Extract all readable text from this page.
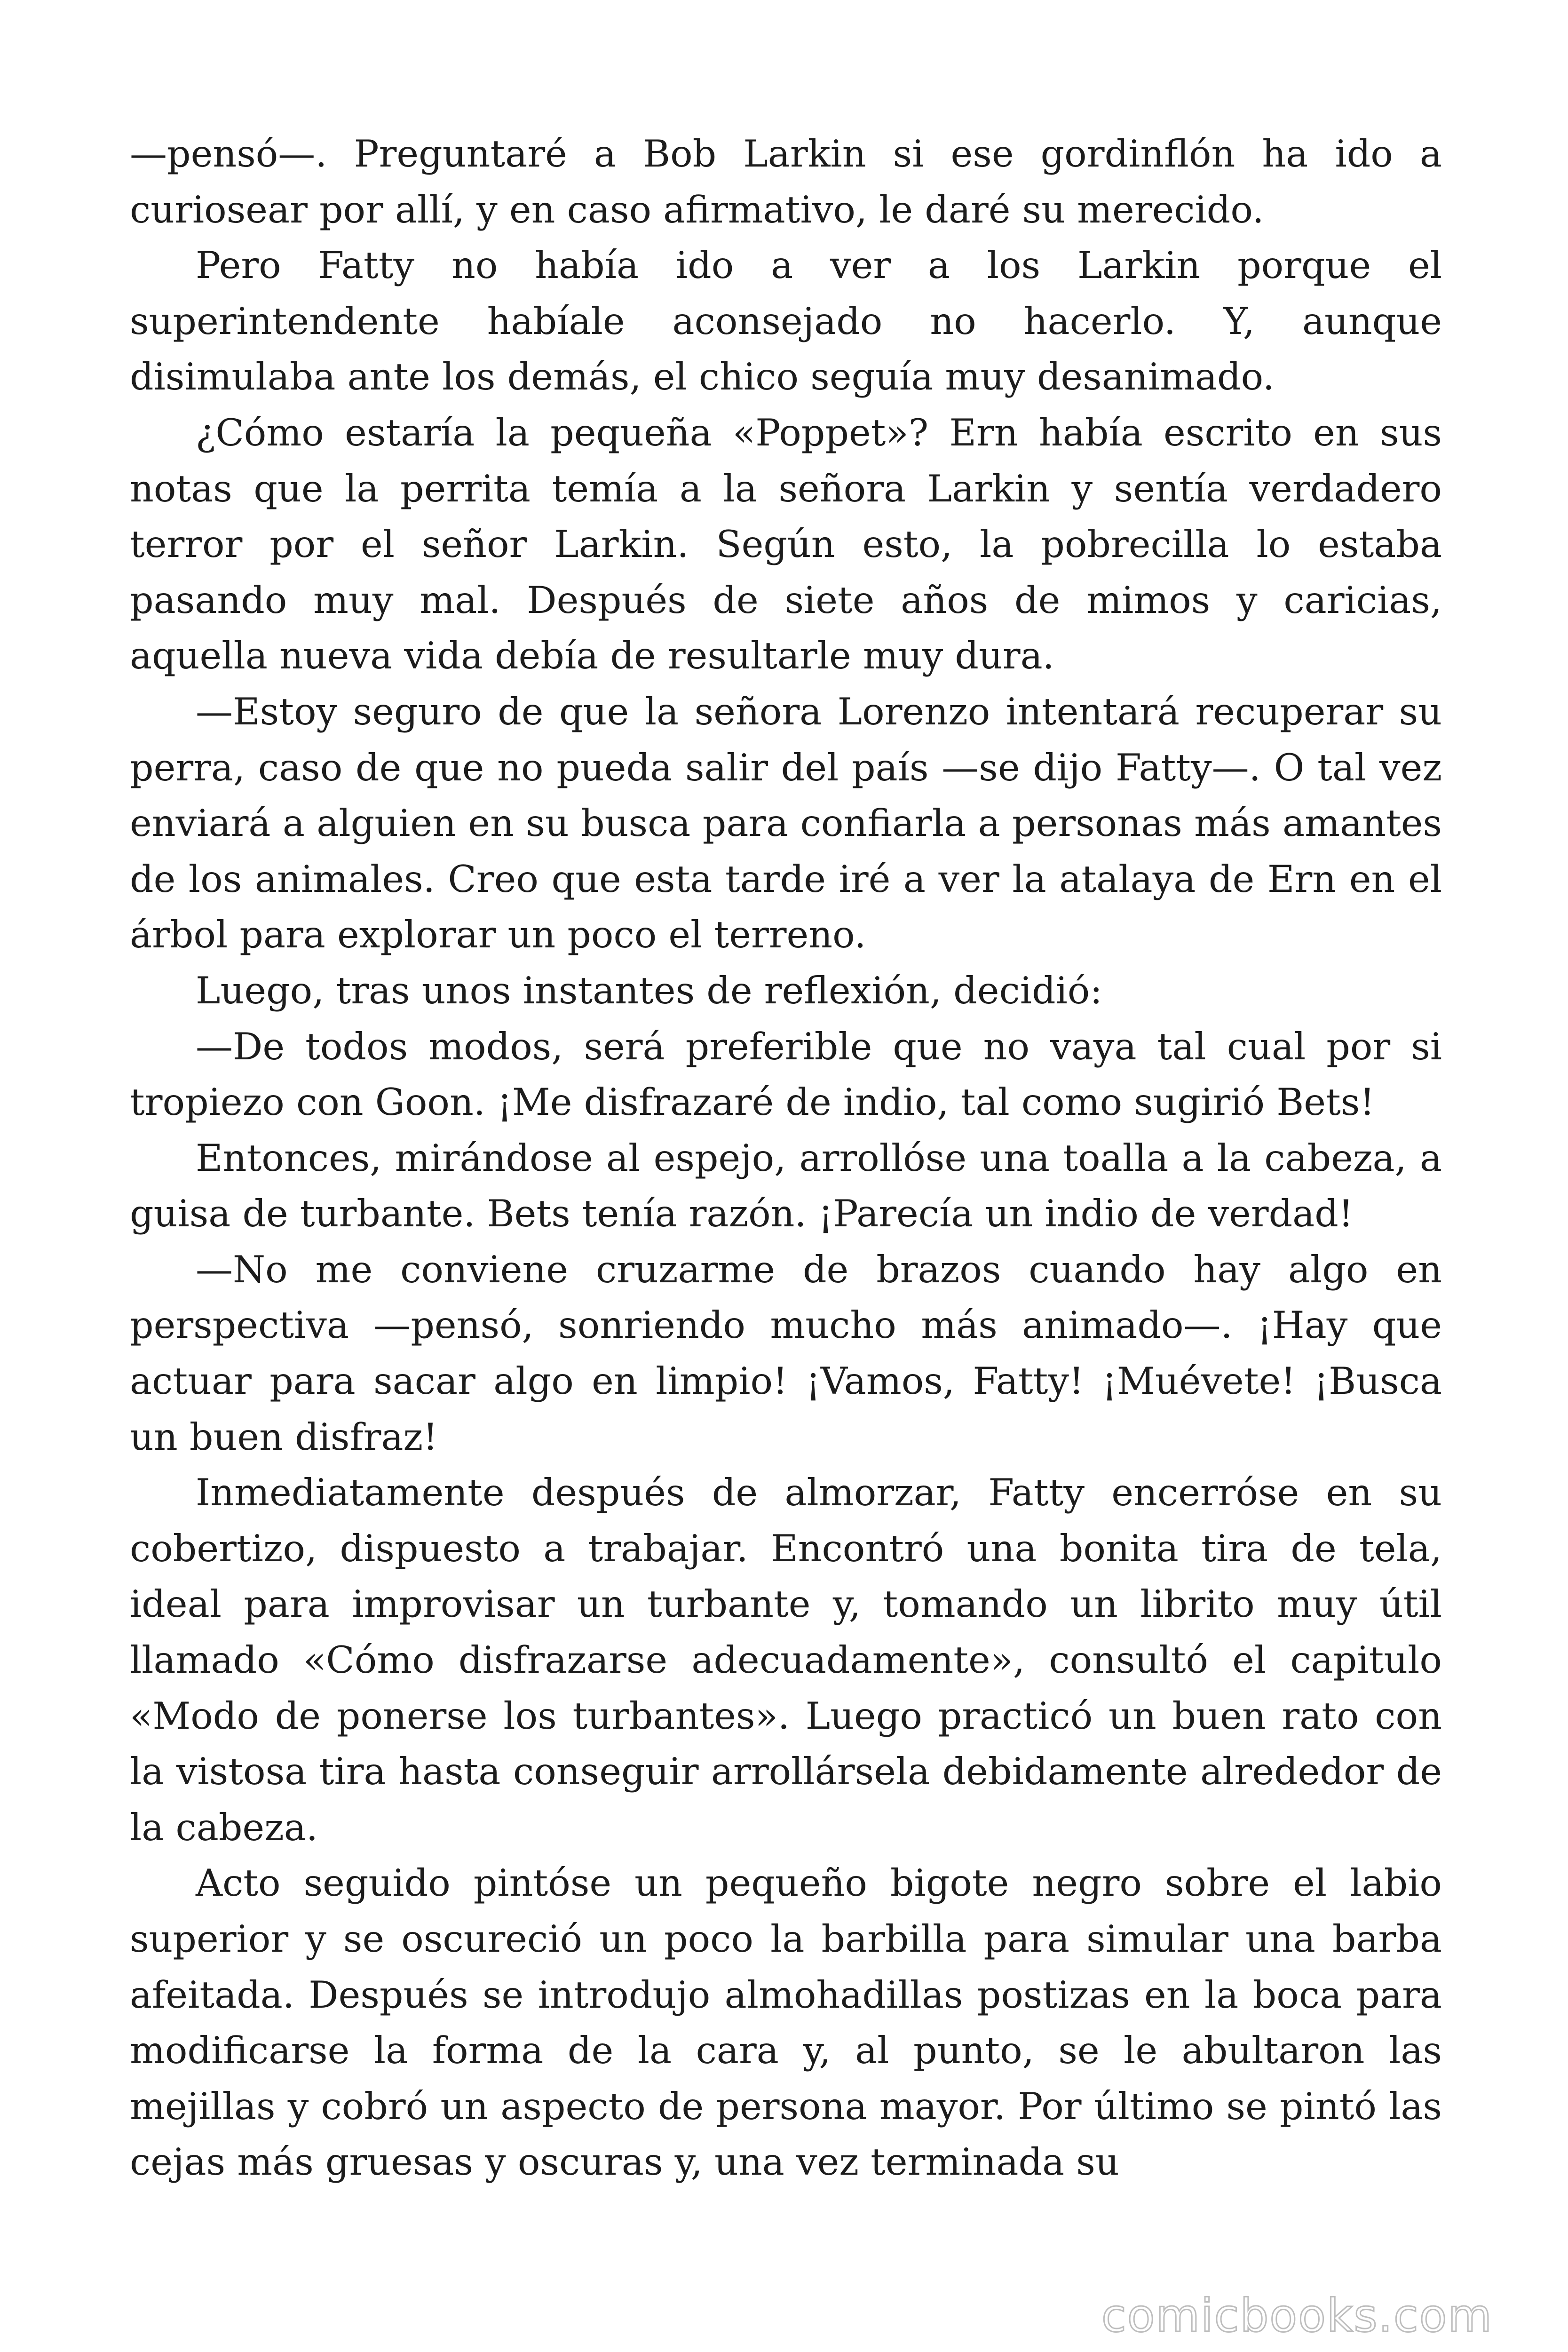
—pensó—. Preguntaré a Bob Larkin si ese gordinflón ha ido a curiosear por allí, y en caso afirmativo, le daré su merecido.

Pero Fatty no había ido a ver a los Larkin porque el superintendente habíale aconsejado no hacerlo. Y, aunque disimulaba ante los demás, el chico seguía muy desanimado.

¿Cómo estaría la pequeña «Poppet»? Ern había escrito en sus notas que la perrita temía a la señora Larkin y sentía verdadero terror por el señor Larkin. Según esto, la pobrecilla lo estaba pasando muy mal. Después de siete años de mimos y caricias, aquella nueva vida debía de resultarle muy dura.

—Estoy seguro de que la señora Lorenzo intentará recuperar su perra, caso de que no pueda salir del país —se dijo Fatty—. O tal vez enviará a alguien en su busca para confiarla a personas más amantes de los animales. Creo que esta tarde iré a ver la atalaya de Ern en el árbol para explorar un poco el terreno.

Luego, tras unos instantes de reflexión, decidió:

—De todos modos, será preferible que no vaya tal cual por si tropiezo con Goon. ¡Me disfrazaré de indio, tal como sugirió Bets!

Entonces, mirándose al espejo, arrollóse una toalla a la cabeza, a guisa de turbante. Bets tenía razón. ¡Parecía un indio de verdad!

—No me conviene cruzarme de brazos cuando hay algo en perspectiva —pensó, sonriendo mucho más animado—. ¡Hay que actuar para sacar algo en limpio! ¡Vamos, Fatty! ¡Muévete! ¡Busca un buen disfraz!

Inmediatamente después de almorzar, Fatty encerróse en su cobertizo, dispuesto a trabajar. Encontró una bonita tira de tela, ideal para improvisar un turbante y, tomando un librito muy útil llamado «Cómo disfrazarse adecuadamente», consultó el capitulo «Modo de ponerse los turbantes». Luego practicó un buen rato con la vistosa tira hasta conseguir arrollársela debidamente alrededor de la cabeza.

Acto seguido pintóse un pequeño bigote negro sobre el labio superior y se oscureció un poco la barbilla para simular una barba afeitada. Después se introdujo almohadillas postizas en la boca para modificarse la forma de la cara y, al punto, se le abultaron las mejillas y cobró un aspecto de persona mayor. Por último se pintó las cejas más gruesas y oscuras y, una vez terminada su

comicbooks.com
